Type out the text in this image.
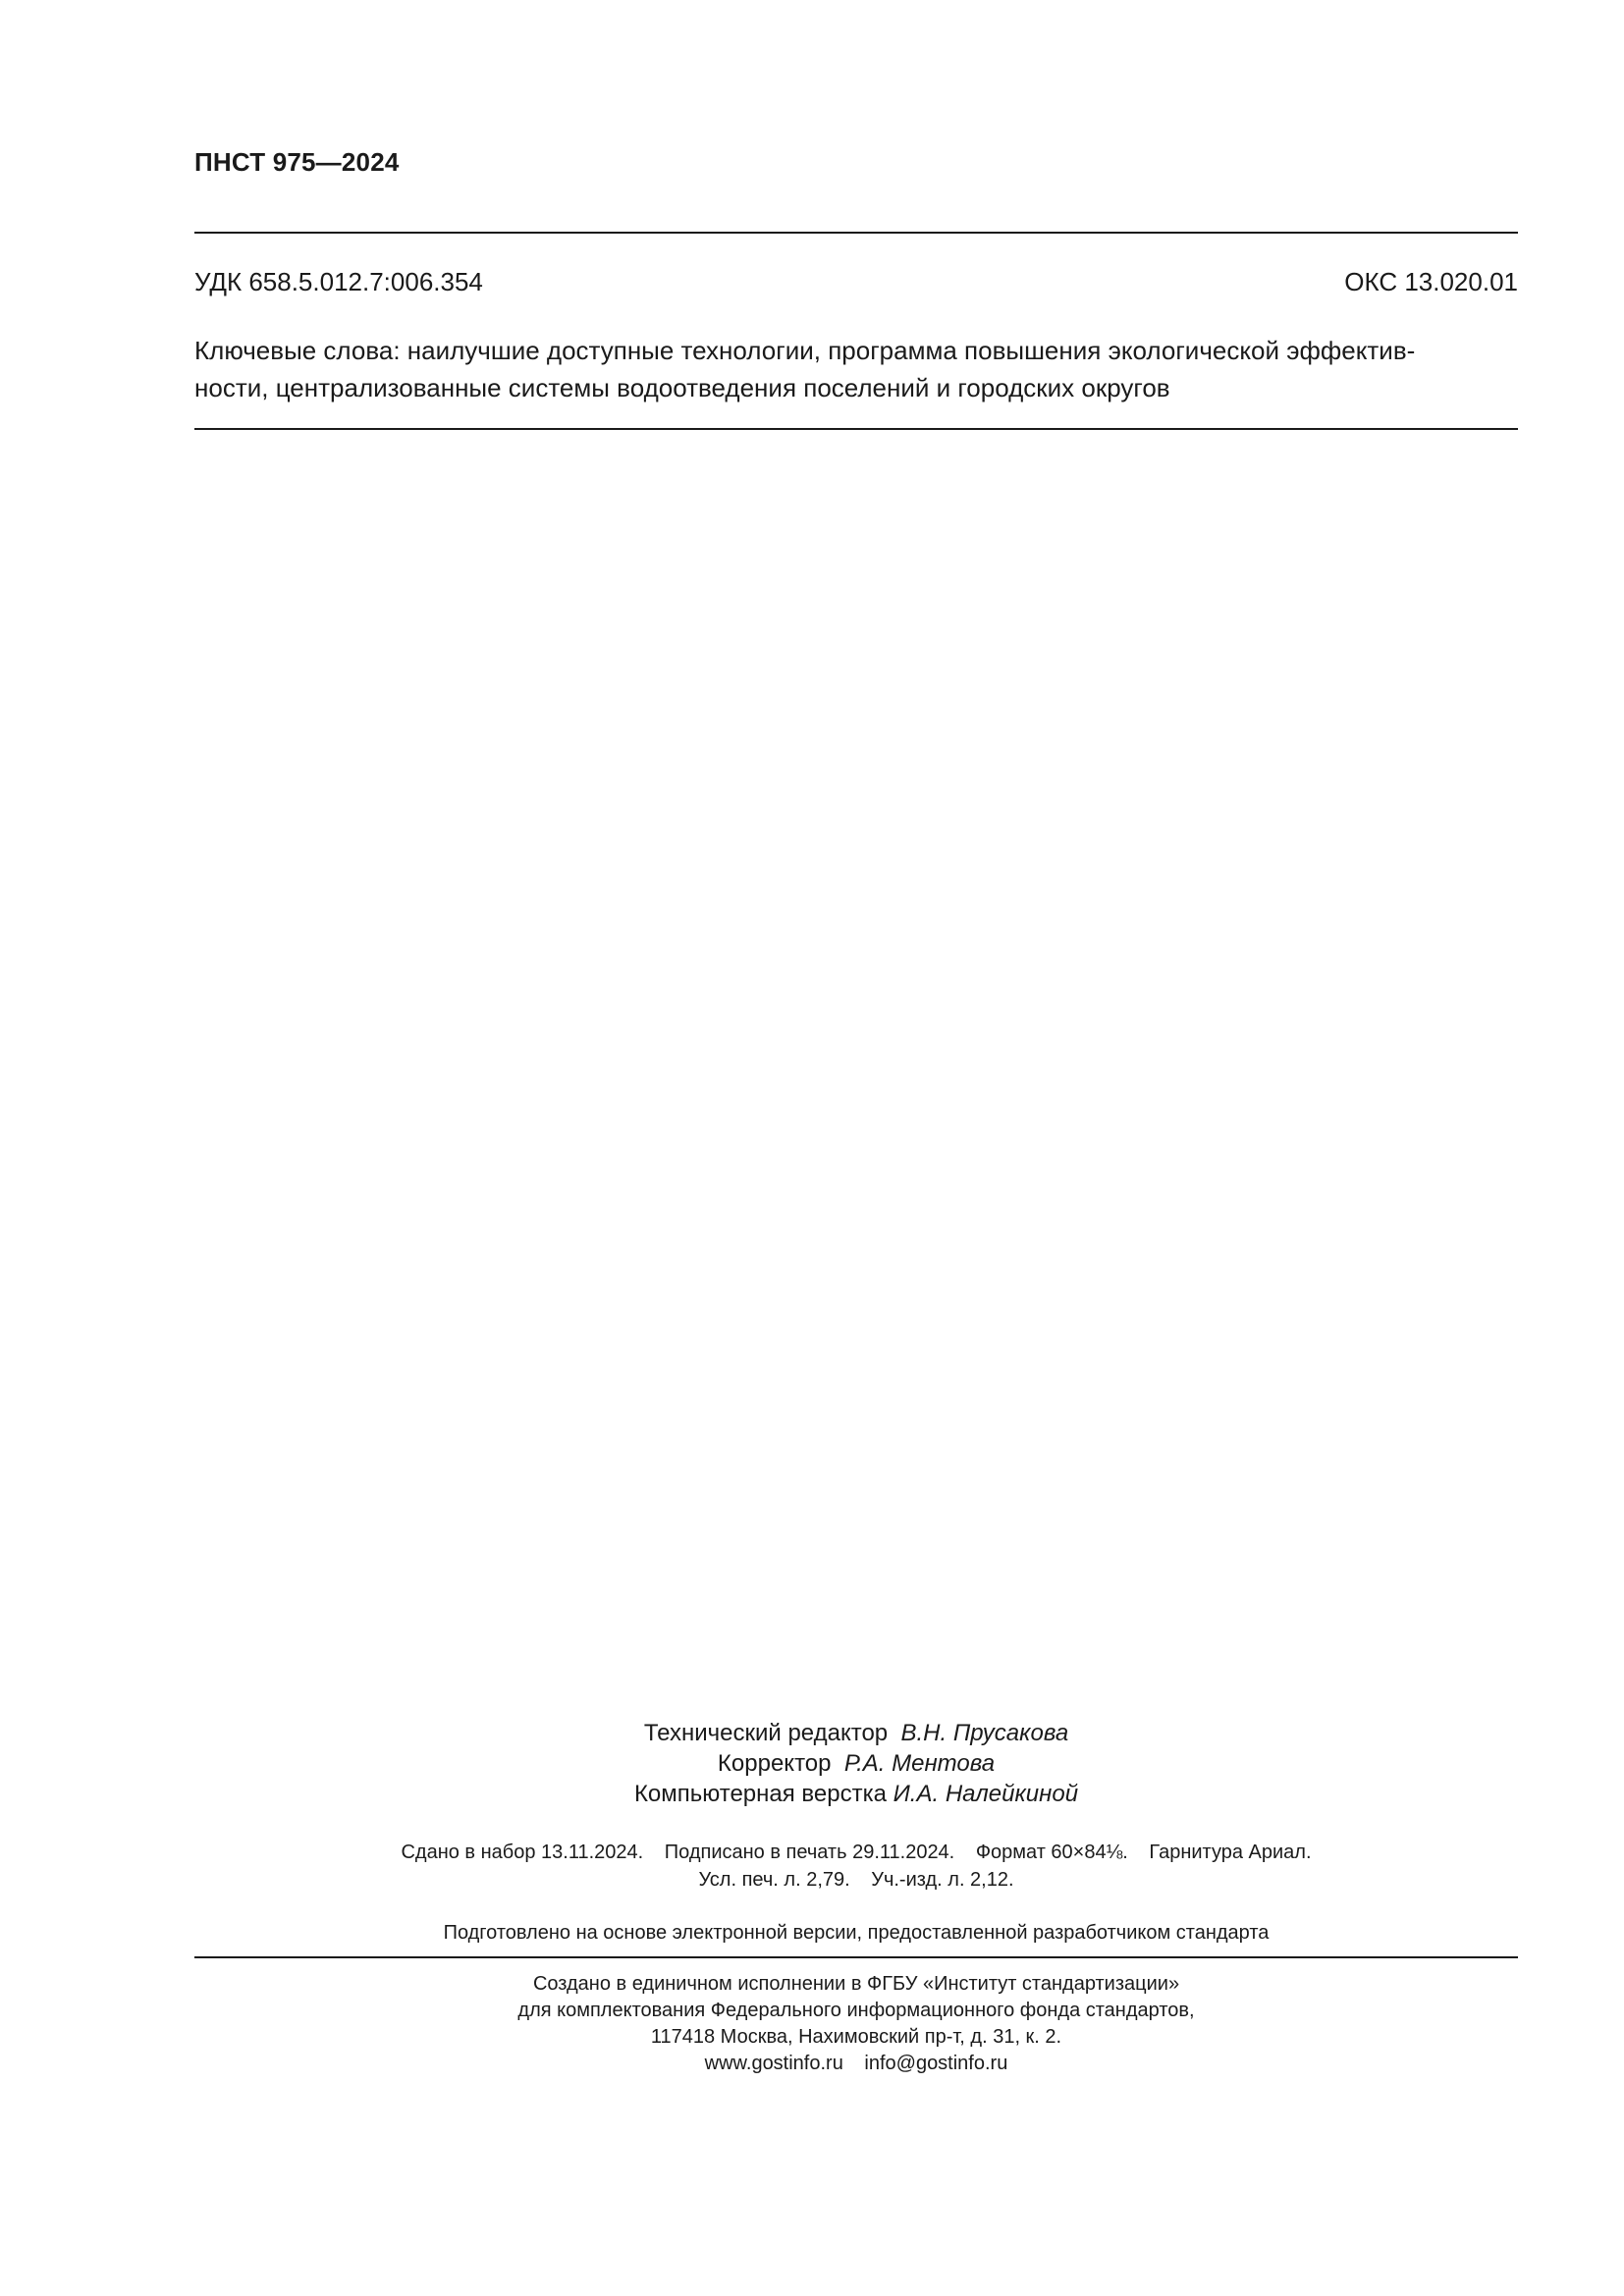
ПНСТ 975—2024
УДК 658.5.012.7:006.354	ОКС 13.020.01
Ключевые слова: наилучшие доступные технологии, программа повышения экологической эффектив-
ности, централизованные системы водоотведения поселений и городских округов
Технический редактор В.Н. Прусакова
Корректор Р.А. Ментова
Компьютерная верстка И.А. Налейкиной
Сдано в набор 13.11.2024. Подписано в печать 29.11.2024. Формат 60×84⅛. Гарнитура Ариал.
Усл. печ. л. 2,79. Уч.-изд. л. 2,12.
Подготовлено на основе электронной версии, предоставленной разработчиком стандарта
Создано в единичном исполнении в ФГБУ «Институт стандартизации»
для комплектования Федерального информационного фонда стандартов,
117418 Москва, Нахимовский пр-т, д. 31, к. 2.
www.gostinfo.ru info@gostinfo.ru
